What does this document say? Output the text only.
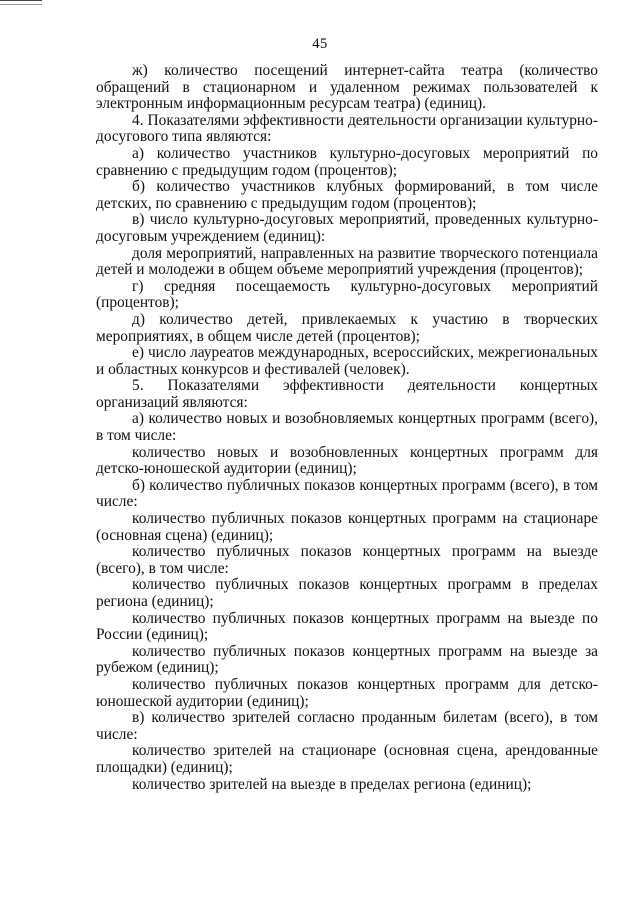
45

ж) количество посещений интернет-сайта театра (количество обращений в стационарном и удаленном режимах пользователей к электронным информационным ресурсам театра) (единиц).

4. Показателями эффективности деятельности организации культурно-досугового типа являются:

а) количество участников культурно-досуговых мероприятий по сравнению с предыдущим годом (процентов);

б) количество участников клубных формирований, в том числе детских, по сравнению с предыдущим годом (процентов);

в) число культурно-досуговых мероприятий, проведенных культурно-досуговым учреждением (единиц):

доля мероприятий, направленных на развитие творческого потенциала детей и молодежи в общем объеме мероприятий учреждения (процентов);

г) средняя посещаемость культурно-досуговых мероприятий (процентов);

д) количество детей, привлекаемых к участию в творческих мероприятиях, в общем числе детей (процентов);

е) число лауреатов международных, всероссийских, межрегиональных и областных конкурсов и фестивалей (человек).

5. Показателями эффективности деятельности концертных организаций являются:

а) количество новых и возобновляемых концертных программ (всего), в том числе:

количество новых и возобновленных концертных программ для детско-юношеской аудитории (единиц);

б) количество публичных показов концертных программ (всего), в том числе:

количество публичных показов концертных программ на стационаре (основная сцена) (единиц);

количество публичных показов концертных программ на выезде (всего), в том числе:

количество публичных показов концертных программ в пределах региона (единиц);

количество публичных показов концертных программ на выезде по России (единиц);

количество публичных показов концертных программ на выезде за рубежом (единиц);

количество публичных показов концертных программ для детско-юношеской аудитории (единиц);

в) количество зрителей согласно проданным билетам (всего), в том числе:

количество зрителей на стационаре (основная сцена, арендованные площадки) (единиц);

количество зрителей на выезде в пределах региона (единиц);
